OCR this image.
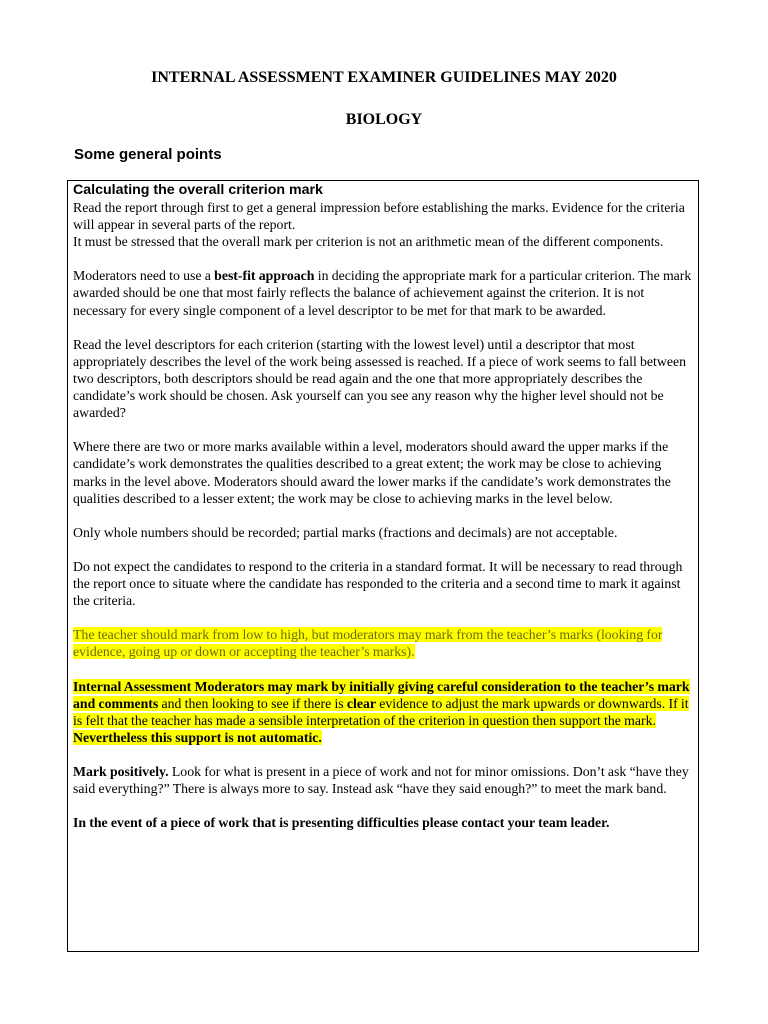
INTERNAL ASSESSMENT EXAMINER GUIDELINES MAY 2020
BIOLOGY
Some general points

Calculating the overall criterion mark

Read the report through first to get a general impression before establishing the marks. Evidence for the criteria will appear in several parts of the report.

It must be stressed that the overall mark per criterion is not an arithmetic mean of the different components.

Moderators need to use a best-fit approach in deciding the appropriate mark for a particular criterion. The mark awarded should be one that most fairly reflects the balance of achievement against the criterion. It is not necessary for every single component of a level descriptor to be met for that mark to be awarded.

Read the level descriptors for each criterion (starting with the lowest level) until a descriptor that most appropriately describes the level of the work being assessed is reached. If a piece of work seems to fall between two descriptors, both descriptors should be read again and the one that more appropriately describes the candidate’s work should be chosen. Ask yourself can you see any reason why the higher level should not be awarded?

Where there are two or more marks available within a level, moderators should award the upper marks if the candidate’s work demonstrates the qualities described to a great extent; the work may be close to achieving marks in the level above. Moderators should award the lower marks if the candidate’s work demonstrates the qualities described to a lesser extent; the work may be close to achieving marks in the level below.

Only whole numbers should be recorded; partial marks (fractions and decimals) are not acceptable.

Do not expect the candidates to respond to the criteria in a standard format. It will be necessary to read through the report once to situate where the candidate has responded to the criteria and a second time to mark it against the criteria.

The teacher should mark from low to high, but moderators may mark from the teacher’s marks (looking for evidence, going up or down or accepting the teacher’s marks).

Internal Assessment Moderators may mark by initially giving careful consideration to the teacher’s mark and comments and then looking to see if there is clear evidence to adjust the mark upwards or downwards. If it is felt that the teacher has made a sensible interpretation of the criterion in question then support the mark. Nevertheless this support is not automatic.

Mark positively. Look for what is present in a piece of work and not for minor omissions. Don’t ask “have they said everything?” There is always more to say. Instead ask “have they said enough?” to meet the mark band.

In the event of a piece of work that is presenting difficulties please contact your team leader.
